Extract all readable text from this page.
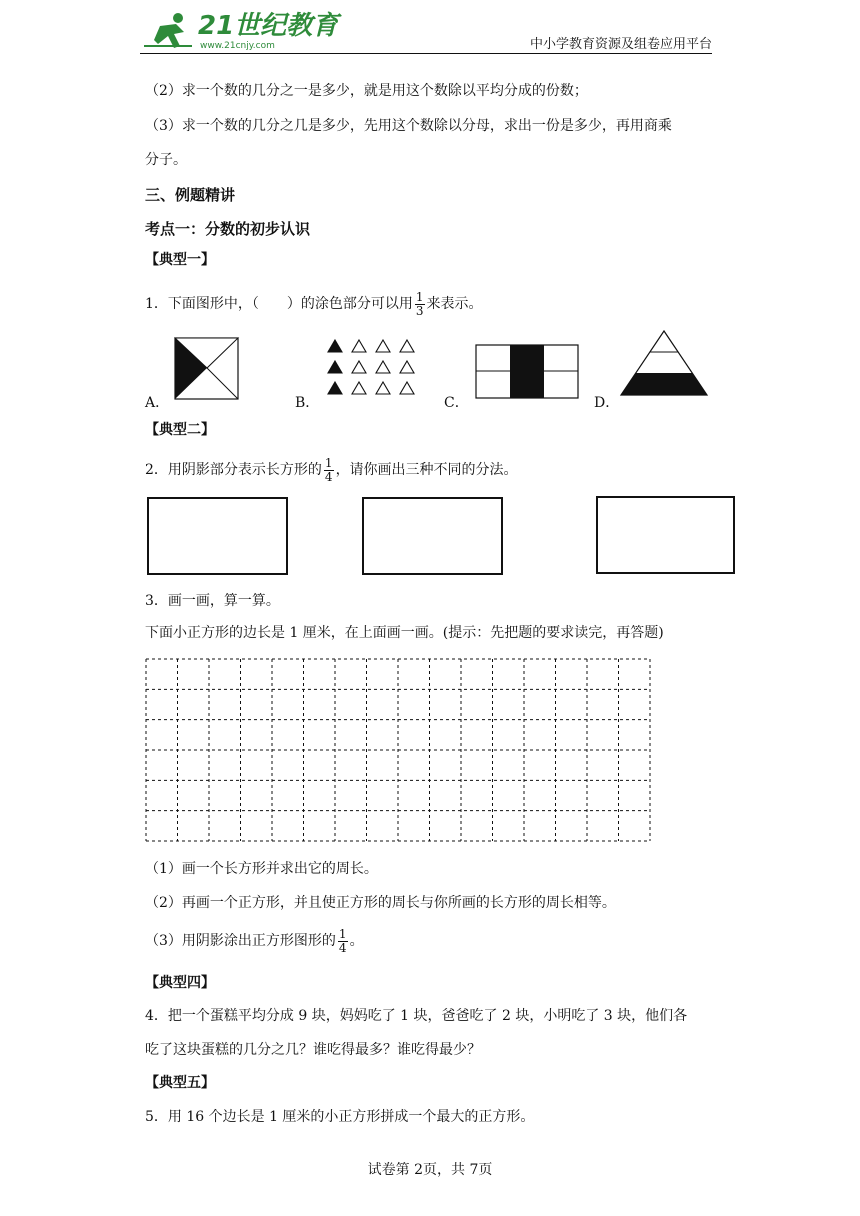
21世纪教育
www.21cnjy.com	中小学教育资源及组卷应用平台
（2）求一个数的几分之一是多少，就是用这个数除以平均分成的份数；
（3）求一个数的几分之几是多少，先用这个数除以分母，求出一份是多少，再用商乘
分子。
三、例题精讲
考点一：分数的初步认识
【典型一】
1．下面图形中，（　　）的涂色部分可以用 $\frac{1}{3}$ 来表示。
A．	B．	C．	D．
【典型二】
2．用阴影部分表示长方形的 $\frac{1}{4}$ ，请你画出三种不同的分法。
3．画一画，算一算。
下面小正方形的边长是 1 厘米，在上面画一画。(提示：先把题的要求读完，再答题)
（1）画一个长方形并求出它的周长。
（2）再画一个正方形，并且使正方形的周长与你所画的长方形的周长相等。
（3）用阴影涂出正方形图形的 $\frac{1}{4}$ 。
【典型四】
4．把一个蛋糕平均分成 9 块，妈妈吃了 1 块，爸爸吃了 2 块，小明吃了 3 块，他们各
吃了这块蛋糕的几分之几？谁吃得最多？谁吃得最少？
【典型五】
5．用 16 个边长是 1 厘米的小正方形拼成一个最大的正方形。
试卷第 2页，共 7页
